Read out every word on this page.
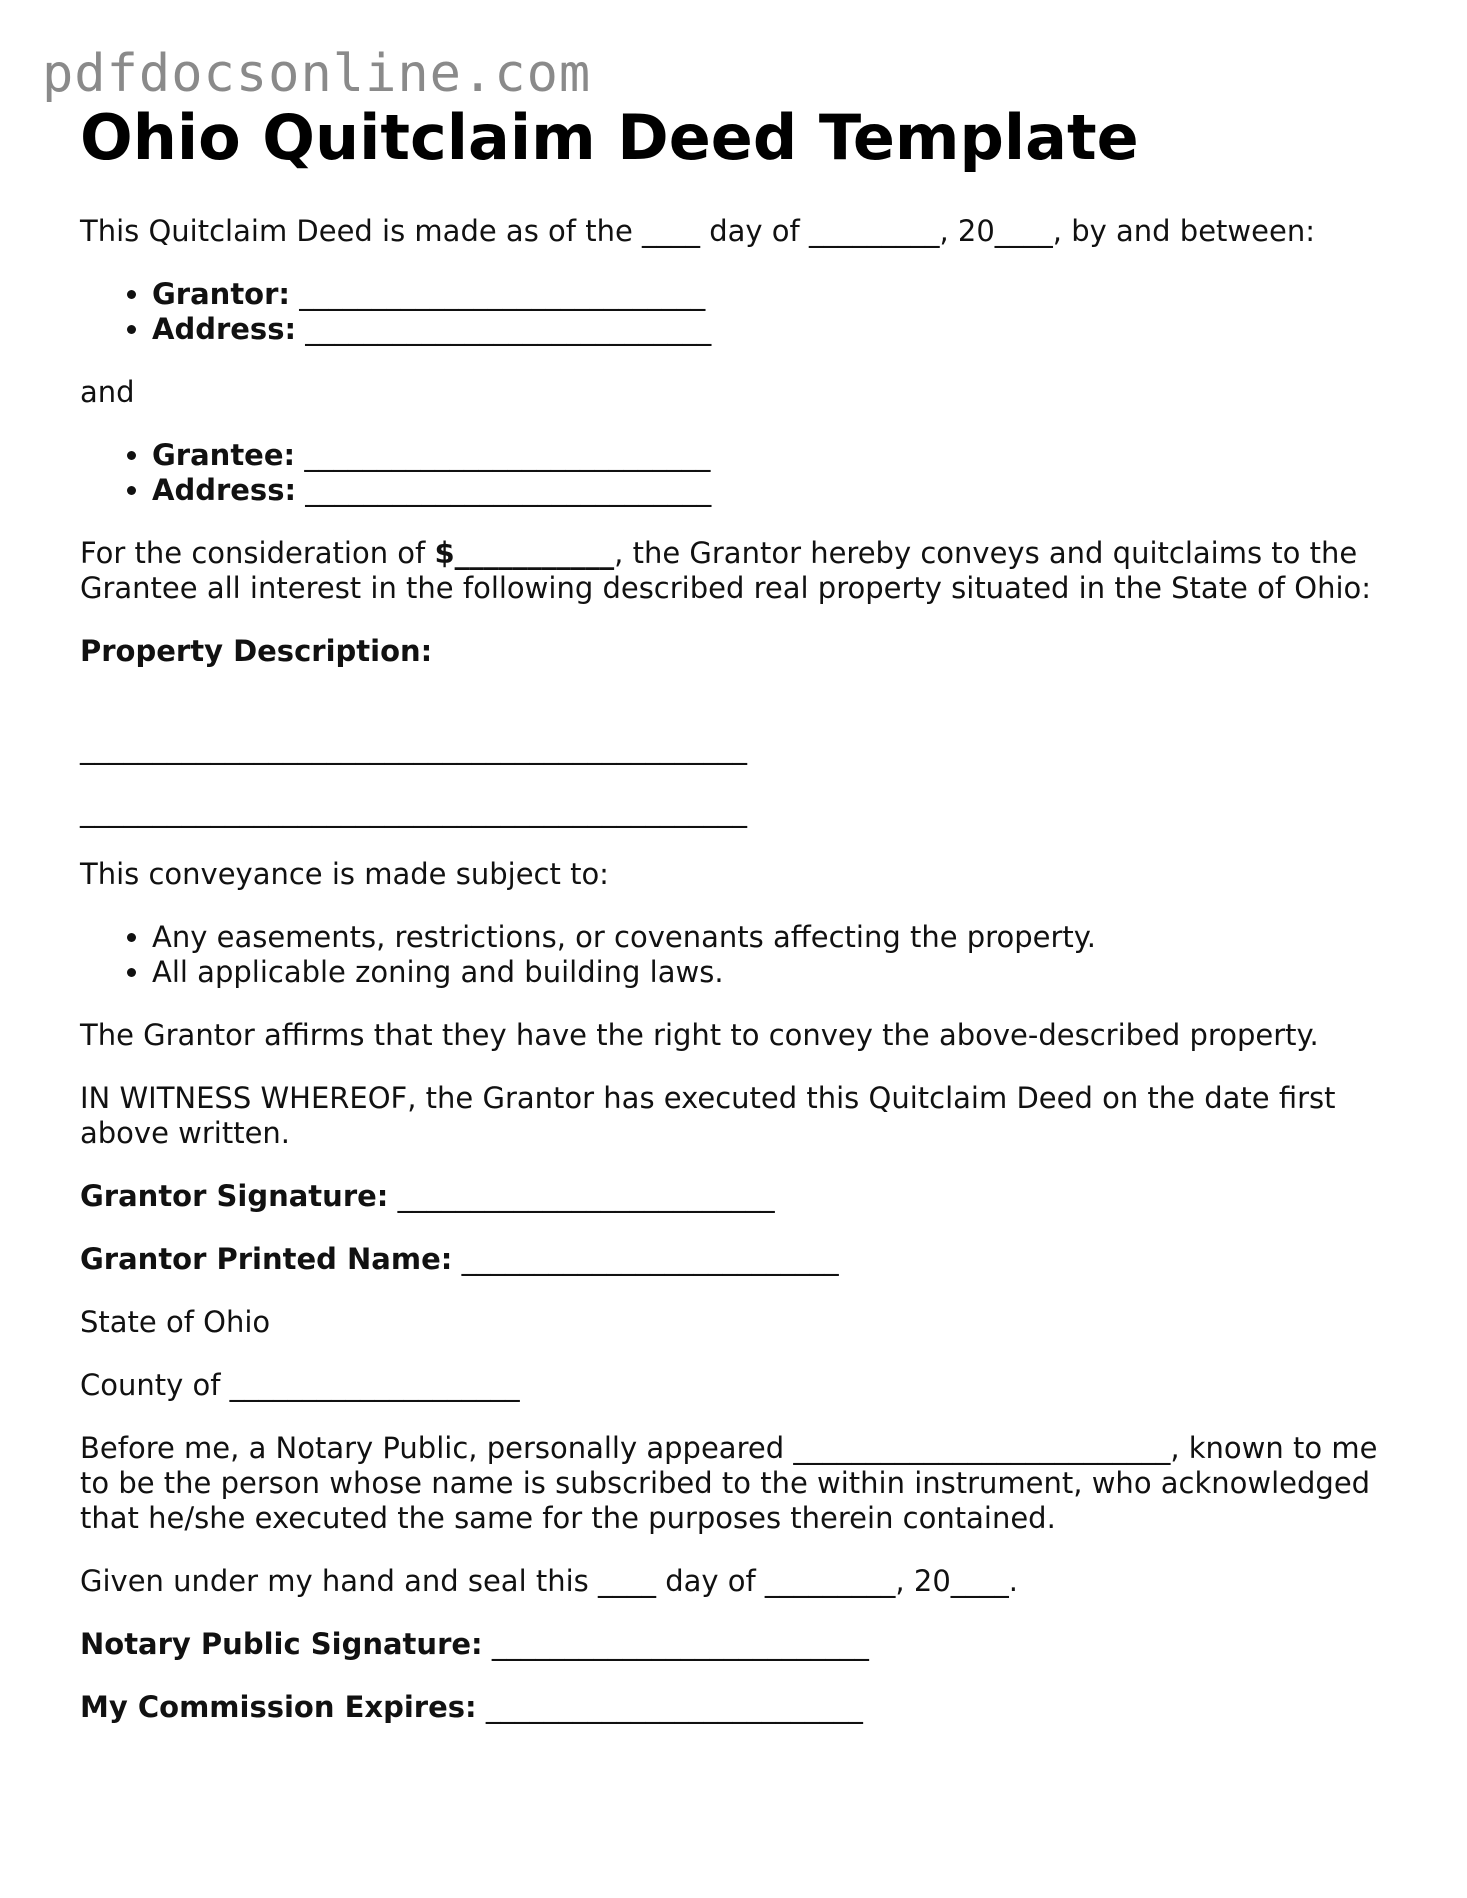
pdfdocsonline.com
Ohio Quitclaim Deed Template

This Quitclaim Deed is made as of the ____ day of _________, 20____, by and between:

• Grantor: ____________________________
• Address: ____________________________

and

• Grantee: ____________________________
• Address: ____________________________

For the consideration of $___________, the Grantor hereby conveys and quitclaims to the Grantee all interest in the following described real property situated in the State of Ohio:

Property Description:

______________________________________________
______________________________________________

This conveyance is made subject to:

• Any easements, restrictions, or covenants affecting the property.
• All applicable zoning and building laws.

The Grantor affirms that they have the right to convey the above-described property.

IN WITNESS WHEREOF, the Grantor has executed this Quitclaim Deed on the date first above written.

Grantor Signature: __________________________

Grantor Printed Name: __________________________

State of Ohio

County of ____________________

Before me, a Notary Public, personally appeared __________________________, known to me to be the person whose name is subscribed to the within instrument, who acknowledged that he/she executed the same for the purposes therein contained.

Given under my hand and seal this ____ day of _________, 20____.

Notary Public Signature: __________________________

My Commission Expires: __________________________
